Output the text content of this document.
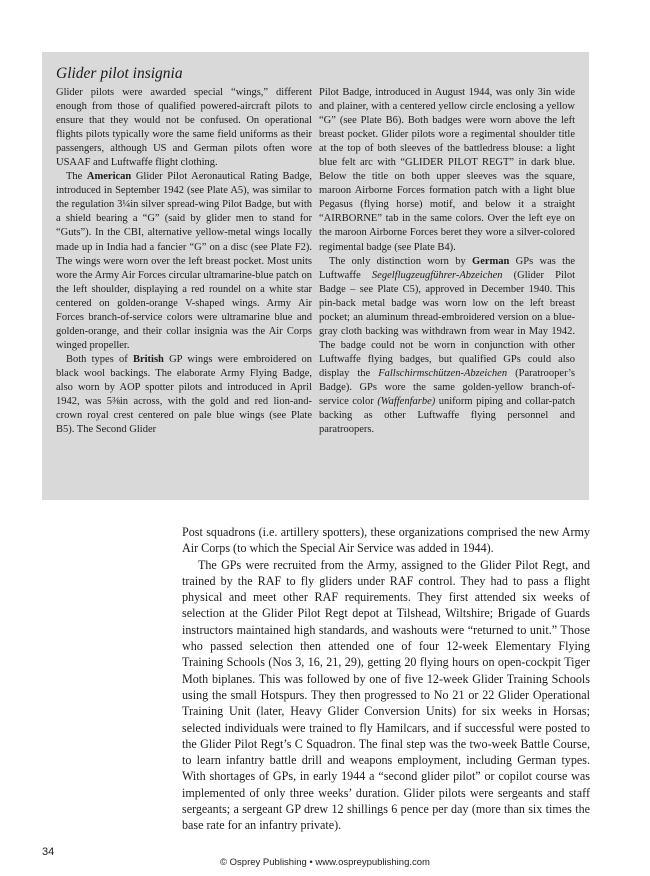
Glider pilot insignia

Glider pilots were awarded special “wings,” different enough from those of qualified powered-aircraft pilots to ensure that they would not be confused. On operational flights pilots typically wore the same field uniforms as their passengers, although US and German pilots often wore USAAF and Luftwaffe flight clothing.

The American Glider Pilot Aeronautical Rating Badge, introduced in September 1942 (see Plate A5), was similar to the regulation 3¼in silver spread-wing Pilot Badge, but with a shield bearing a “G” (said by glider men to stand for “Guts”). In the CBI, alternative yellow-metal wings locally made up in India had a fancier “G” on a disc (see Plate F2). The wings were worn over the left breast pocket. Most units wore the Army Air Forces circular ultramarine-blue patch on the left shoulder, displaying a red roundel on a white star centered on golden-orange V-shaped wings. Army Air Forces branch-of-service colors were ultramarine blue and golden-orange, and their collar insignia was the Air Corps winged propeller.

Both types of British GP wings were embroidered on black wool backings. The elaborate Army Flying Badge, also worn by AOP spotter pilots and introduced in April 1942, was 5⅜in across, with the gold and red lion-and-crown royal crest centered on pale blue wings (see Plate B5). The Second Glider

Pilot Badge, introduced in August 1944, was only 3in wide and plainer, with a centered yellow circle enclosing a yellow “G” (see Plate B6). Both badges were worn above the left breast pocket. Glider pilots wore a regimental shoulder title at the top of both sleeves of the battledress blouse: a light blue felt arc with “GLIDER PILOT REGT” in dark blue. Below the title on both upper sleeves was the square, maroon Airborne Forces formation patch with a light blue Pegasus (flying horse) motif, and below it a straight “AIRBORNE” tab in the same colors. Over the left eye on the maroon Airborne Forces beret they wore a silver-colored regimental badge (see Plate B4).

The only distinction worn by German GPs was the Luftwaffe Segelflugzeugführer-Abzeichen (Glider Pilot Badge – see Plate C5), approved in December 1940. This pin-back metal badge was worn low on the left breast pocket; an aluminum thread-embroidered version on a blue-gray cloth backing was withdrawn from wear in May 1942. The badge could not be worn in conjunction with other Luftwaffe flying badges, but qualified GPs could also display the Fallschirmschützen-Abzeichen (Paratrooper’s Badge). GPs wore the same golden-yellow branch-of-service color (Waffenfarbe) uniform piping and collar-patch backing as other Luftwaffe flying personnel and paratroopers.

Post squadrons (i.e. artillery spotters), these organizations comprised the new Army Air Corps (to which the Special Air Service was added in 1944).

The GPs were recruited from the Army, assigned to the Glider Pilot Regt, and trained by the RAF to fly gliders under RAF control. They had to pass a flight physical and meet other RAF requirements. They first attended six weeks of selection at the Glider Pilot Regt depot at Tilshead, Wiltshire; Brigade of Guards instructors maintained high standards, and washouts were “returned to unit.” Those who passed selection then attended one of four 12-week Elementary Flying Training Schools (Nos 3, 16, 21, 29), getting 20 flying hours on open-cockpit Tiger Moth biplanes. This was followed by one of five 12-week Glider Training Schools using the small Hotspurs. They then progressed to No 21 or 22 Glider Operational Training Unit (later, Heavy Glider Conversion Units) for six weeks in Horsas; selected individuals were trained to fly Hamilcars, and if successful were posted to the Glider Pilot Regt’s C Squadron. The final step was the two-week Battle Course, to learn infantry battle drill and weapons employment, including German types. With shortages of GPs, in early 1944 a “second glider pilot” or copilot course was implemented of only three weeks’ duration. Glider pilots were sergeants and staff sergeants; a sergeant GP drew 12 shillings 6 pence per day (more than six times the base rate for an infantry private).

34
© Osprey Publishing • www.ospreypublishing.com
